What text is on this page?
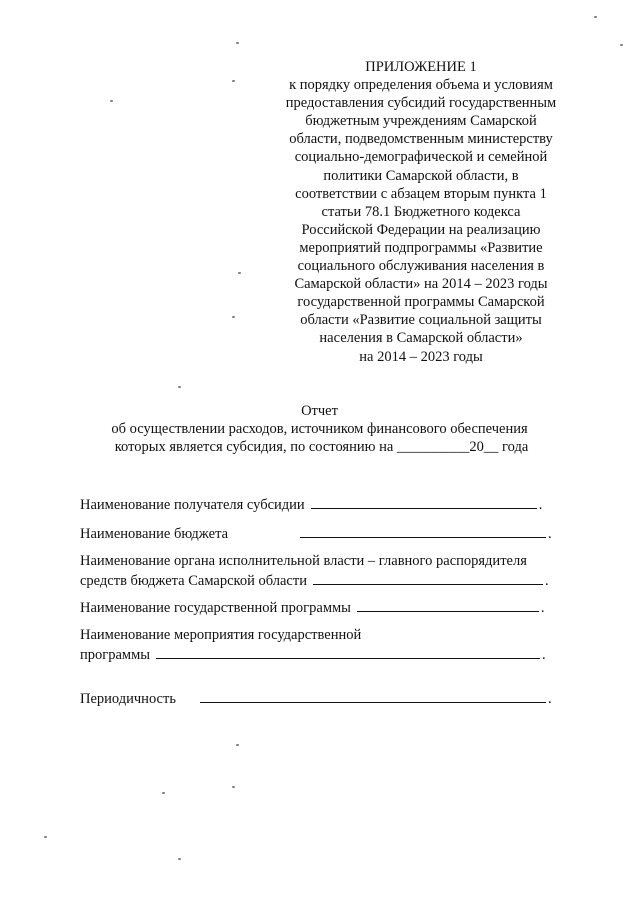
ПРИЛОЖЕНИЕ 1
к порядку определения объема и условиям
предоставления субсидий государственным
бюджетным учреждениям Самарской
области, подведомственным министерству
социально-демографической и семейной
политики Самарской области, в
соответствии с абзацем вторым пункта 1
статьи 78.1 Бюджетного кодекса
Российской Федерации на реализацию
мероприятий подпрограммы «Развитие
социального обслуживания населения в
Самарской области» на 2014 – 2023 годы
государственной программы Самарской
области «Развитие социальной защиты
населения в Самарской области»
на 2014 – 2023 годы
Отчет
об осуществлении расходов, источником финансового обеспечения
которых является субсидия, по состоянию на __________20__ года
Наименование получателя субсидии	.
Наименование бюджета	.
Наименование органа исполнительной власти – главного распорядителя
средств бюджета Самарской области	.
Наименование государственной программы	.
Наименование мероприятия государственной
программы	.
Периодичность	.
